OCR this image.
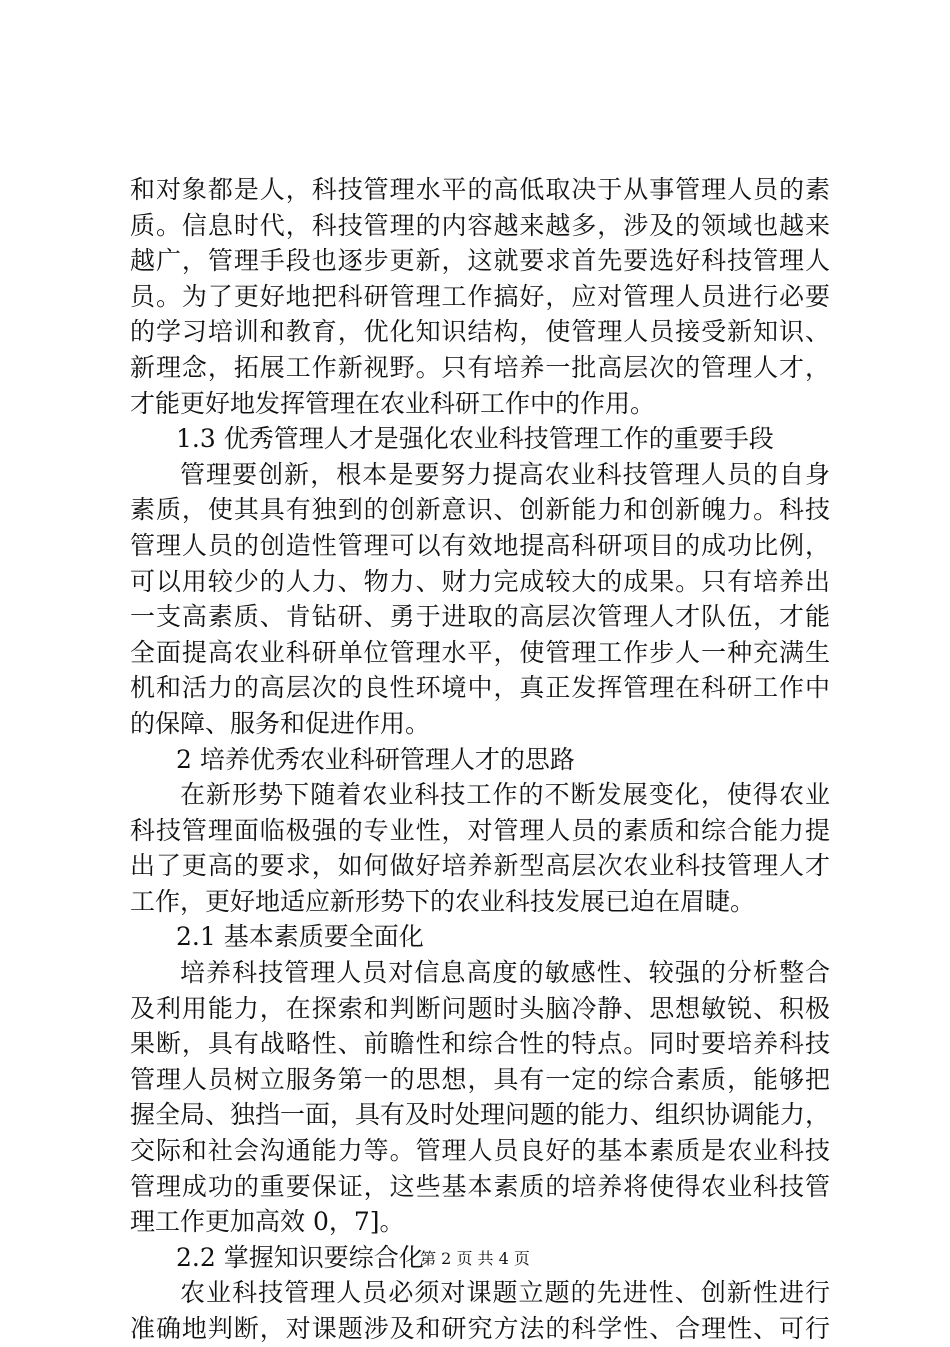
和对象都是人，科技管理水平的高低取决于从事管理人员的素
质。信息时代，科技管理的内容越来越多，涉及的领域也越来
越广，管理手段也逐步更新，这就要求首先要选好科技管理人
员。为了更好地把科研管理工作搞好，应对管理人员进行必要
的学习培训和教育，优化知识结构，使管理人员接受新知识、
新理念，拓展工作新视野。只有培养一批高层次的管理人才，
才能更好地发挥管理在农业科研工作中的作用。
1.3 优秀管理人才是强化农业科技管理工作的重要手段
管理要创新，根本是要努力提高农业科技管理人员的自身
素质，使其具有独到的创新意识、创新能力和创新魄力。科技
管理人员的创造性管理可以有效地提高科研项目的成功比例，
可以用较少的人力、物力、财力完成较大的成果。只有培养出
一支高素质、肯钻研、勇于进取的高层次管理人才队伍，才能
全面提高农业科研单位管理水平，使管理工作步人一种充满生
机和活力的高层次的良性环境中，真正发挥管理在科研工作中
的保障、服务和促进作用。
2 培养优秀农业科研管理人才的思路
在新形势下随着农业科技工作的不断发展变化，使得农业
科技管理面临极强的专业性，对管理人员的素质和综合能力提
出了更高的要求，如何做好培养新型高层次农业科技管理人才
工作，更好地适应新形势下的农业科技发展已迫在眉睫。
2.1 基本素质要全面化
培养科技管理人员对信息高度的敏感性、较强的分析整合
及利用能力，在探索和判断问题时头脑冷静、思想敏锐、积极
果断，具有战略性、前瞻性和综合性的特点。同时要培养科技
管理人员树立服务第一的思想，具有一定的综合素质，能够把
握全局、独挡一面，具有及时处理问题的能力、组织协调能力，
交际和社会沟通能力等。管理人员良好的基本素质是农业科技
管理成功的重要保证，这些基本素质的培养将使得农业科技管
理工作更加高效 0，7]。
2.2 掌握知识要综合化
农业科技管理人员必须对课题立题的先进性、创新性进行
准确地判断，对课题涉及和研究方法的科学性、合理性、可行
第 2 页 共 4 页
